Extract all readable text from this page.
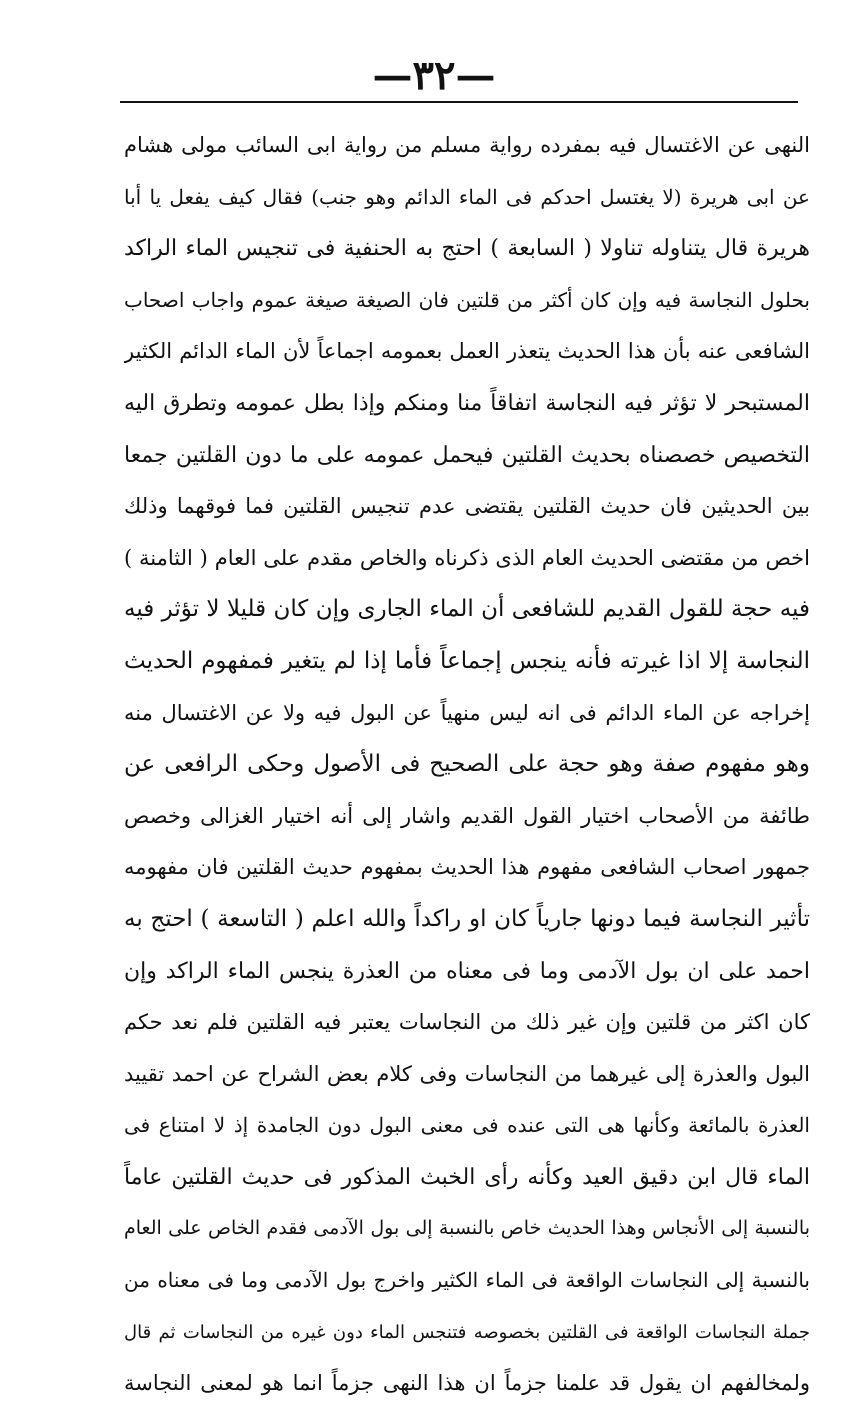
—٣٢—
النهى عن الاغتسال فيه بمفرده رواية مسلم من رواية ابى السائب مولى هشام
عن ابى هريرة (لا يغتسل احدكم فى الماء الدائم وهو جنب) فقال كيف يفعل يا أبا
هريرة قال يتناوله تناولا ( السابعة ) احتج به الحنفية فى تنجيس الماء الراكد
بحلول النجاسة فيه وإن كان أكثر من قلتين فان الصيغة صيغة عموم واجاب اصحاب
الشافعى عنه بأن هذا الحديث يتعذر العمل بعمومه اجماعاً لأن الماء الدائم الكثير
المستبحر لا تؤثر فيه النجاسة اتفاقاً منا ومنكم وإذا بطل عمومه وتطرق اليه
التخصيص خصصناه بحديث القلتين فيحمل عمومه على ما دون القلتين جمعا
بين الحديثين فان حديث القلتين يقتضى عدم تنجيس القلتين فما فوقهما وذلك
اخص من مقتضى الحديث العام الذى ذكرناه والخاص مقدم على العام ( الثامنة )
فيه حجة للقول القديم للشافعى أن الماء الجارى وإن كان قليلا لا تؤثر فيه
النجاسة إلا اذا غيرته فأنه ينجس إجماعاً فأما إذا لم يتغير فمفهوم الحديث
إخراجه عن الماء الدائم فى انه ليس منهياً عن البول فيه ولا عن الاغتسال منه
وهو مفهوم صفة وهو حجة على الصحيح فى الأصول وحكى الرافعى عن
طائفة من الأصحاب اختيار القول القديم واشار إلى أنه اختيار الغزالى وخصص
جمهور اصحاب الشافعى مفهوم هذا الحديث بمفهوم حديث القلتين فان مفهومه
تأثير النجاسة فيما دونها جارياً كان او راكداً والله اعلم ( التاسعة ) احتج به
احمد على ان بول الآدمى وما فى معناه من العذرة ينجس الماء الراكد وإن
كان اكثر من قلتين وإن غير ذلك من النجاسات يعتبر فيه القلتين فلم نعد حكم
البول والعذرة إلى غيرهما من النجاسات وفى كلام بعض الشراح عن احمد تقييد
العذرة بالمائعة وكأنها هى التى عنده فى معنى البول دون الجامدة إذ لا امتناع فى
الماء قال ابن دقيق العيد وكأنه رأى الخبث المذكور فى حديث القلتين عاماً
بالنسبة إلى الأنجاس وهذا الحديث خاص بالنسبة إلى بول الآدمى فقدم الخاص على العام
بالنسبة إلى النجاسات الواقعة فى الماء الكثير واخرج بول الآدمى وما فى معناه من
جملة النجاسات الواقعة فى القلتين بخصوصه فتنجس الماء دون غيره من النجاسات ثم قال
ولمخالفهم ان يقول قد علمنا جزماً ان هذا النهى جزماً انما هو لمعنى النجاسة
